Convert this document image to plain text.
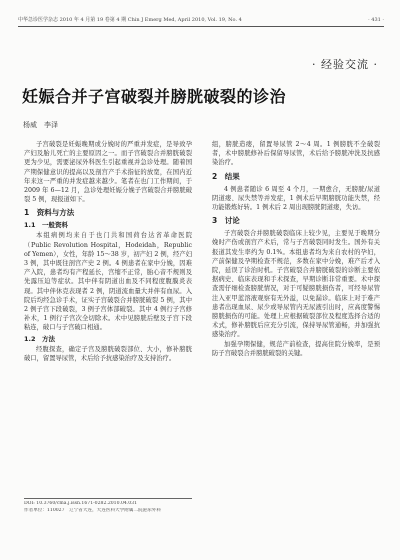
中华急诊医学杂志 2010 年 4 月第 19 卷第 4 期 Chin J Emerg Med, April 2010, Vol. 19, No. 4	· 431 ·
· 经验交流 ·
妊娠合并子宫破裂并膀胱破裂的诊治
杨威　李泽

子宫破裂是妊娠晚期或分娩时的严重并发症，是导致孕产妇及胎儿死亡的主要原因之一。而子宫破裂合并膀胱破裂更为少见，需要泌尿外科医生引起重视并急诊处理。随着国产期保健意识的提高以及剖宫产手术指征的放宽，在国内近年来这一严重的并发症越来越少。笔者在也门工作期间，于 2009 年 6—12 月，急诊处理妊娠分娩子宫破裂合并膀胱破裂 5 例，现报道如下。

1　资料与方法
1.1　一般资料

本组病例均来自于也门共和国荷台达省革命医院（Public Revolution Hospital，Hodeidah，Republic of Yemen），女性，年龄 15～38 岁，初产妇 2 例，经产妇 3 例，其中既往剖宫产史 2 例。4 例患者在家中分娩，因难产入院，患者均有产程延长，宫缩不正常，胎心音不规则及先露压迫等症状。其中伴有阴道出血及不同程度腹膜炎表现。其中伴休克表现者 2 例，阴道流血量大并伴有血尿。入院后均经急诊手术，证实子宫破裂合并膀胱破裂 5 例，其中 2 例子宫下段破裂，3 例子宫体部破裂。其中 4 例行子宫修补术，1 例行子宫次全切除术。术中见膀胱后壁及子宫下段粘连，破口与子宫破口相通。

1.2　方法

经腹探查，确定子宫及膀胱破裂部位、大小，修补膀胱破口，留置导尿管，术后给予抗感染治疗及支持治疗。

组，膀胱造瘘，留置导尿管 2～4 周。1 例膀胱不全破裂者，术中膀胱修补后保留导尿管，术后给予膀胱冲洗及抗感染治疗。

2　结果

4 例患者随诊 6 周至 4 个月，一期愈合，无膀胱/尿道阴道瘘、尿失禁等并发症，1 例术后早期膀胱功能失禁，经功能锻炼好转。1 例术后 2 周出现膀胱阴道瘘，失访。

3　讨论

子宫破裂合并膀胱破裂临床上较少见，主要见于晚期分娩时产伤或剖宫产术后，常与子宫破裂同时发生。国外有关报道其发生率约为 0.1%。本组患者均为来自农村的孕妇，产前保健及孕期检查不规范，多数在家中分娩，难产后才入院，延误了诊治时机。子宫破裂合并膀胱破裂的诊断主要依据病史、临床表现和手术探查，早期诊断非常重要。术中探查需仔细检查膀胱情况，对于可疑膀胱损伤者，可经导尿管注入亚甲蓝溶液观察有无外溢，以免漏诊。临床上对于难产患者出现血尿、尿少或导尿管内无尿液引出时，应高度警惕膀胱损伤的可能。处理上应根据破裂部位及程度选择合适的术式，修补膀胱后应充分引流，保持导尿管通畅，并加强抗感染治疗。

加强孕期保健，规范产前检查，提高住院分娩率，是预防子宫破裂合并膀胱破裂的关键。

DOI: 10.3760/cma.j.issn.1671-0282.2010.04.031
作者单位：110027　辽宁省大连，大连医科大学附属二院泌尿外科
